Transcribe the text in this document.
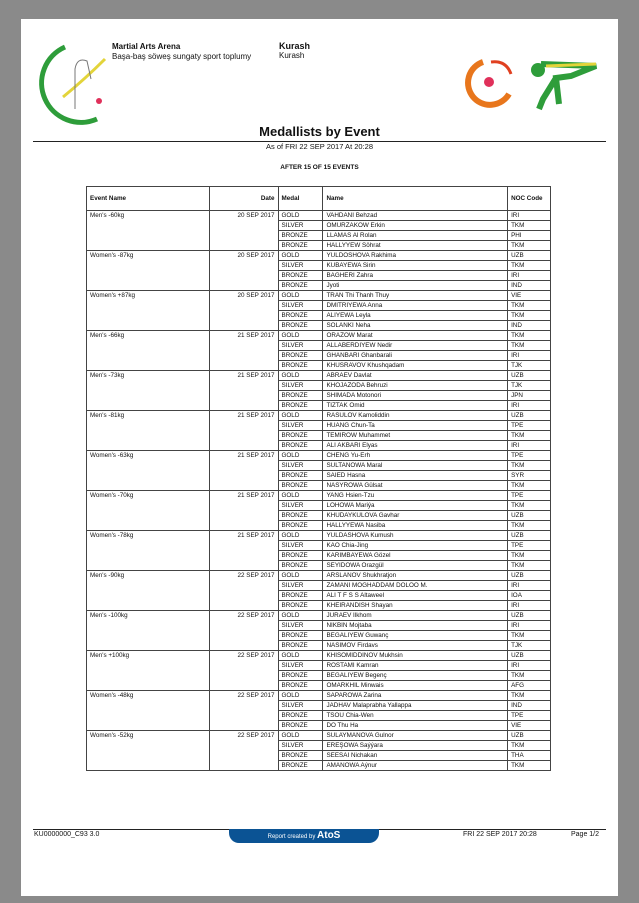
Martial Arts Arena
Başa-baş söweş sungaty sport toplumy
Kurash
Kurash
Medallists by Event
As of FRI 22 SEP 2017 At 20:28
AFTER 15 OF 15 EVENTS
Event Name	Date	Medal	Name	NOC Code
Men's -60kg	20 SEP 2017	GOLD	VAHDANI Behzad	IRI
		SILVER	OMURZAKOW Erkin	TKM
		BRONZE	LLAMAS Al Rolan	PHI
		BRONZE	HALLYYEW Söhrat	TKM
Women's -87kg	20 SEP 2017	GOLD	YULDOSHOVA Rakhima	UZB
		SILVER	KUBAYEWA Sirin	TKM
		BRONZE	BAGHERI Zahra	IRI
		BRONZE	Jyoti	IND
Women's +87kg	20 SEP 2017	GOLD	TRAN Thi Thanh Thuy	VIE
		SILVER	DMITRIYEWA Anna	TKM
		BRONZE	ALIYEWA Leyla	TKM
		BRONZE	SOLANKI Neha	IND
Men's -66kg	21 SEP 2017	GOLD	ORAZOW Marat	TKM
		SILVER	ALLABERDIYEW Nedir	TKM
		BRONZE	GHANBARI Ghanbarali	IRI
		BRONZE	KHUSRAVOV Khushqadam	TJK
Men's -73kg	21 SEP 2017	GOLD	ABRAEV Davlat	UZB
		SILVER	KHOJAZODA Behruzi	TJK
		BRONZE	SHIMADA Motonori	JPN
		BRONZE	TIZTAK Omid	IRI
Men's -81kg	21 SEP 2017	GOLD	RASULOV Kamoliddin	UZB
		SILVER	HUANG Chun-Ta	TPE
		BRONZE	TEMIROW Muhammet	TKM
		BRONZE	ALI AKBARI Elyas	IRI
Women's -63kg	21 SEP 2017	GOLD	CHENG Yu-Erh	TPE
		SILVER	SULTANOWA Maral	TKM
		BRONZE	SAIED Hasna	SYR
		BRONZE	NASYROWA Gülsat	TKM
Women's -70kg	21 SEP 2017	GOLD	YANG Hsien-Tzu	TPE
		SILVER	LOHOWA Mariýa	TKM
		BRONZE	KHUDAYKULOVA Gavhar	UZB
		BRONZE	HALLYYEWA Nasiba	TKM
Women's -78kg	21 SEP 2017	GOLD	YULDASHOVA Kumush	UZB
		SILVER	KAO Chia-Jing	TPE
		BRONZE	KARIMBAYEWA Gözel	TKM
		BRONZE	SEYIDOWA Orazgül	TKM
Men's -90kg	22 SEP 2017	GOLD	ARSLANOV Shukhratjon	UZB
		SILVER	ZAMANI MOGHADDAM DOLOO M.	IRI
		BRONZE	ALI T F S S Altaweel	IOA
		BRONZE	KHEIRANDISH Shayan	IRI
Men's -100kg	22 SEP 2017	GOLD	JURAEV Ilkhom	UZB
		SILVER	NIKBIN Mojtaba	IRI
		BRONZE	BEGALIYEW Guwanç	TKM
		BRONZE	NASIMOV Firdavs	TJK
Men's +100kg	22 SEP 2017	GOLD	KHISOMIDDINOV Mukhsin	UZB
		SILVER	ROSTAMI Kamran	IRI
		BRONZE	BEGALIYEW Begenç	TKM
		BRONZE	OMARKHIL Minwais	AFG
Women's -48kg	22 SEP 2017	GOLD	SAPAROWA Zarina	TKM
		SILVER	JADHAV Malaprabha Yallappa	IND
		BRONZE	TSOU Chia-Wen	TPE
		BRONZE	DO Thu Ha	VIE
Women's -52kg	22 SEP 2017	GOLD	SULAYMANOVA Gulnor	UZB
		SILVER	EREŞOWA Saýýara	TKM
		BRONZE	SEESAI Nichakan	THA
		BRONZE	AMANOWA Aýnur	TKM
KU0000000_C93 3.0	Report created by AtoS	FRI 22 SEP 2017 20:28	Page 1/2
